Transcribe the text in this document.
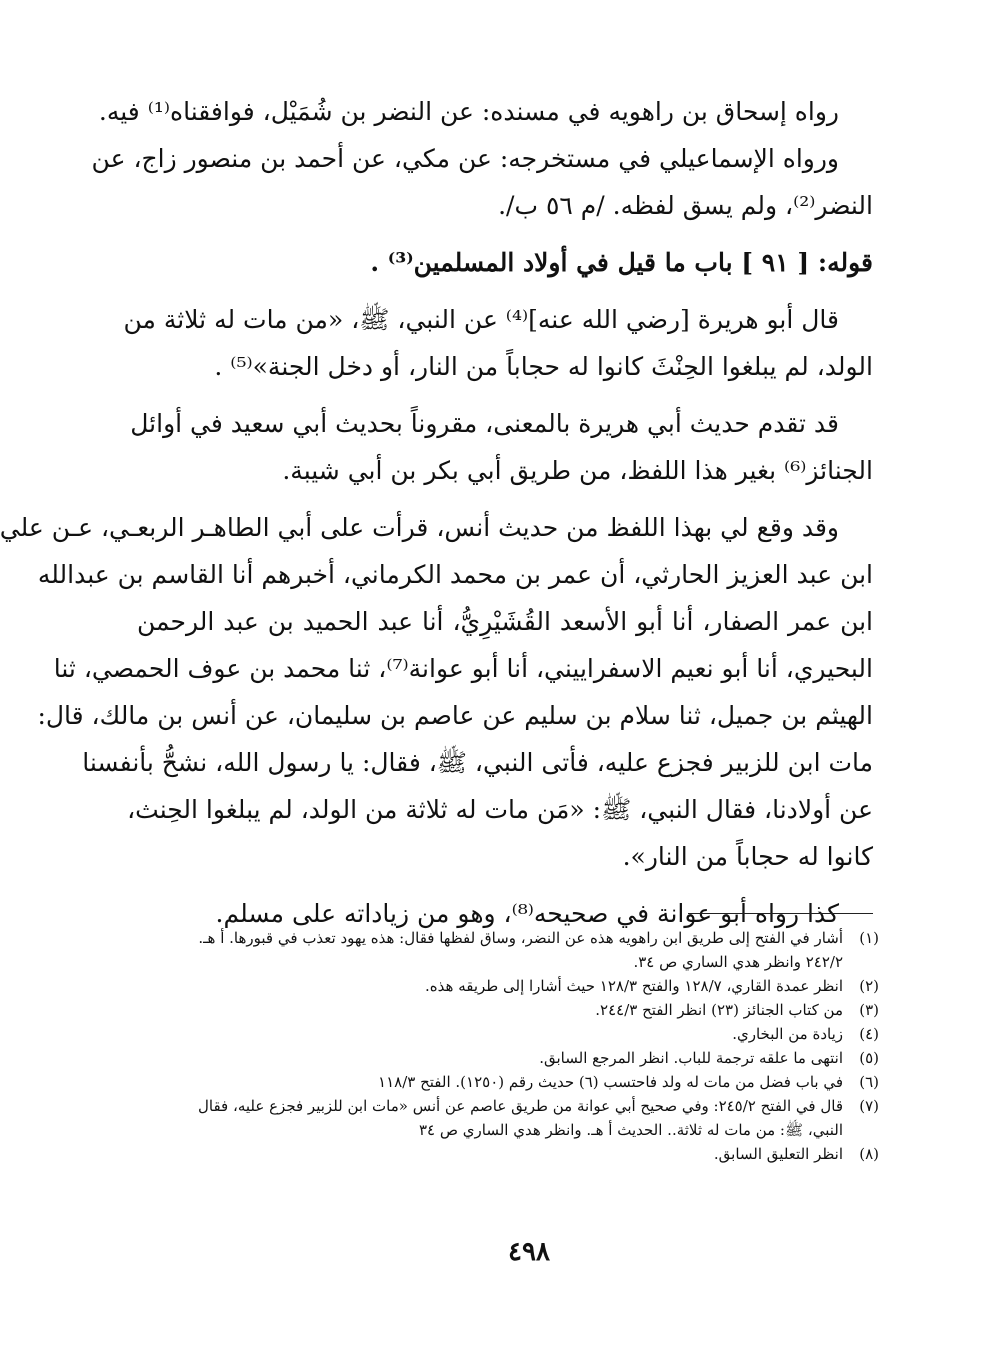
رواه إسحاق بن راهويه في مسنده: عن النضر بن شُمَيْل، فوافقناه⁽¹⁾ فيه.
ورواه الإسماعيلي في مستخرجه: عن مكي، عن أحمد بن منصور زاج، عن
النضر⁽²⁾، ولم يسق لفظه. /م ٥٦ ب/.
قوله: [ ٩١ ] باب ما قيل في أولاد المسلمين⁽³⁾ .
قال أبو هريرة [رضي الله عنه]⁽⁴⁾ عن النبي، ﷺ، «من مات له ثلاثة من
الولد، لم يبلغوا الحِنْثَ كانوا له حجاباً من النار، أو دخل الجنة»⁽⁵⁾ .
قد تقدم حديث أبي هريرة بالمعنى، مقروناً بحديث أبي سعيد في أوائل
الجنائز⁽⁶⁾ بغير هذا اللفظ، من طريق أبي بكر بن أبي شيبة.
وقد وقع لي بهذا اللفظ من حديث أنس، قرأت على أبي الطاهـر الربعـي، عـن علي
ابن عبد العزيز الحارثي، أن عمر بن محمد الكرماني، أخبرهم أنا القاسم بن عبدالله
ابن عمر الصفار، أنا أبو الأسعد القُشَيْرِيُّ، أنا عبد الحميد بن عبد الرحمن
البحيري، أنا أبو نعيم الاسفراييني، أنا أبو عوانة⁽⁷⁾، ثنا محمد بن عوف الحمصي، ثنا
الهيثم بن جميل، ثنا سلام بن سليم عن عاصم بن سليمان، عن أنس بن مالك، قال:
مات ابن للزبير فجزع عليه، فأتى النبي، ﷺ، فقال: يا رسول الله، نشحُّ بأنفسنا
عن أولادنا، فقال النبي، ﷺ: «مَن مات له ثلاثة من الولد، لم يبلغوا الحِنث،
كانوا له حجاباً من النار».
كذا رواه أبو عوانة في صحيحه⁽⁸⁾، وهو من زياداته على مسلم.
(١)
أشار في الفتح إلى طريق ابن راهويه هذه عن النضر، وساق لفظها فقال: هذه يهود تعذب في قبورها. أ هـ.
٢٤٢/٢ وانظر هدي الساري ص ٣٤.
(٢)
انظر عمدة القاري، ١٢٨/٧ والفتح ١٢٨/٣ حيث أشارا إلى طريقه هذه.
(٣)
من كتاب الجنائز (٢٣) انظر الفتح ٢٤٤/٣.
(٤)
زيادة من البخاري.
(٥)
انتهى ما علقه ترجمة للباب. انظر المرجع السابق.
(٦)
في باب فضل من مات له ولد فاحتسب (٦) حديث رقم (١٢٥٠). الفتح ١١٨/٣
(٧)
قال في الفتح ٢٤٥/٢: وفي صحيح أبي عوانة من طريق عاصم عن أنس «مات ابن للزبير فجزع عليه، فقال
النبي، ﷺ: من مات له ثلاثة.. الحديث أ هـ. وانظر هدي الساري ص ٣٤
(٨)
انظر التعليق السابق.
٤٩٨
